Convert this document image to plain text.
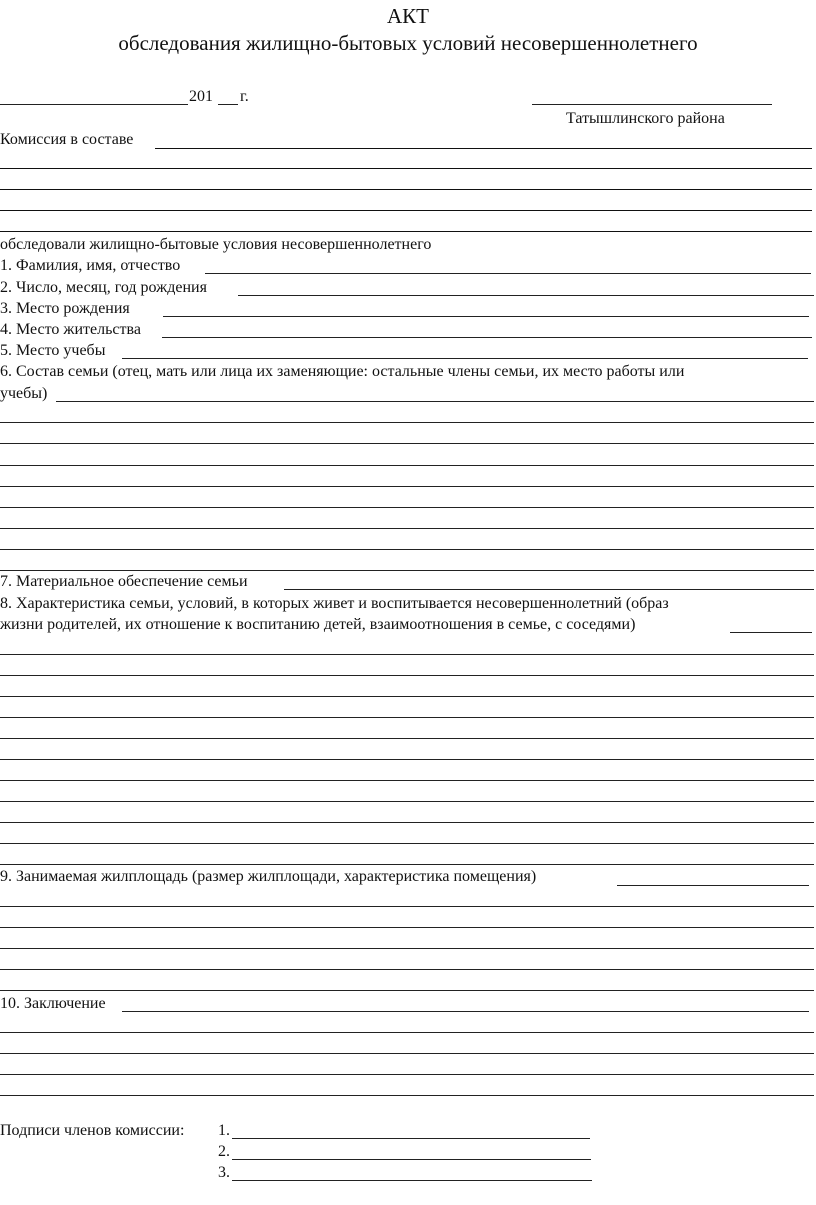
АКТ
обследования жилищно-бытовых условий несовершеннолетнего
201 г.
Татышлинского района
Комиссия в составе
обследовали жилищно-бытовые условия несовершеннолетнего
1. Фамилия, имя, отчество
2. Число, месяц, год рождения
3. Место рождения
4. Место жительства
5. Место учебы
6. Состав семьи (отец, мать или лица их заменяющие: остальные члены семьи, их место работы или
учебы)
7. Материальное обеспечение семьи
8. Характеристика семьи, условий, в которых живет и воспитывается несовершеннолетний (образ
жизни родителей, их отношение к воспитанию детей, взаимоотношения в семье, с соседями)
9. Занимаемая жилплощадь (размер жилплощади, характеристика помещения)
10. Заключение
Подписи членов комиссии: 1.
2.
3.
